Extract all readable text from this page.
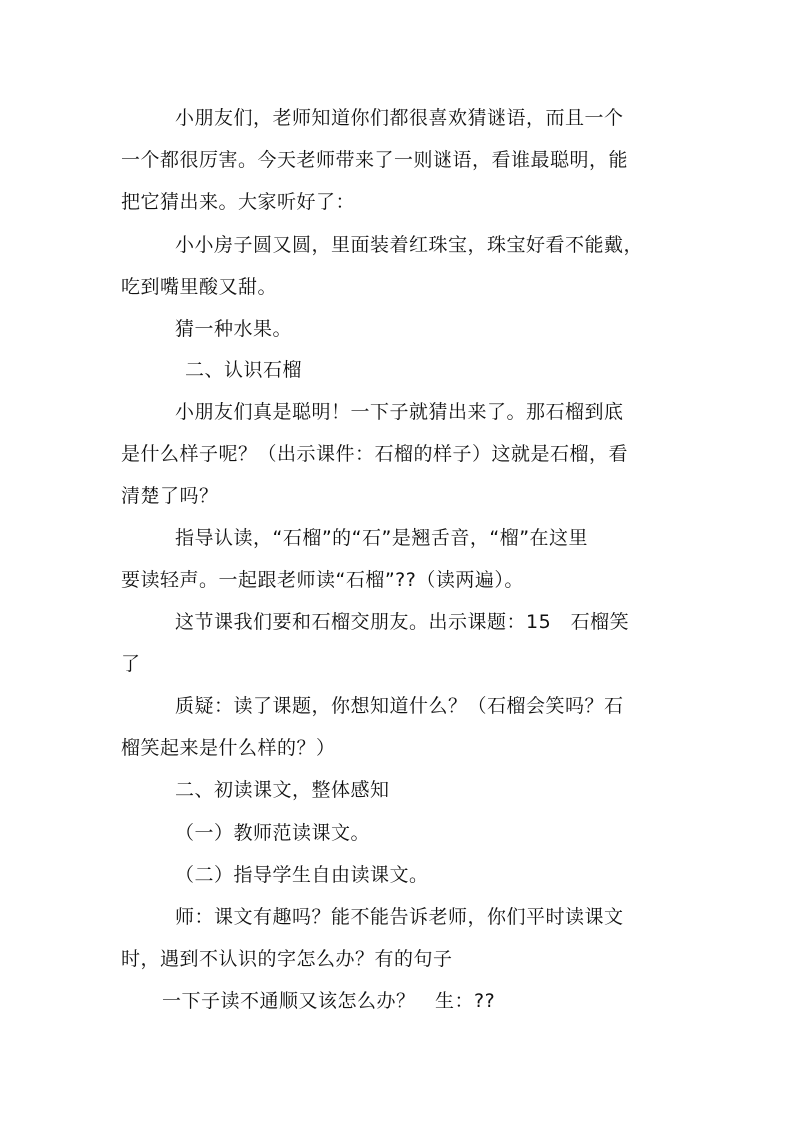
小朋友们，老师知道你们都很喜欢猜谜语，而且一个
一个都很厉害。今天老师带来了一则谜语，看谁最聪明，能
把它猜出来。大家听好了：
小小房子圆又圆，里面装着红珠宝，珠宝好看不能戴，
吃到嘴里酸又甜。
猜一种水果。
二、认识石榴
小朋友们真是聪明！一下子就猜出来了。那石榴到底
是什么样子呢？（出示课件：石榴的样子）这就是石榴，看
清楚了吗？
指导认读，“石榴”的“石”是翘舌音，“榴”在这里
要读轻声。一起跟老师读“石榴”??（读两遍）。
这节课我们要和石榴交朋友。出示课题：15　石榴笑
了
质疑：读了课题，你想知道什么？（石榴会笑吗？石
榴笑起来是什么样的？）
二、初读课文，整体感知
（一）教师范读课文。
（二）指导学生自由读课文。
师：课文有趣吗？能不能告诉老师，你们平时读课文
时，遇到不认识的字怎么办？有的句子
一下子读不通顺又该怎么办？　生：??
